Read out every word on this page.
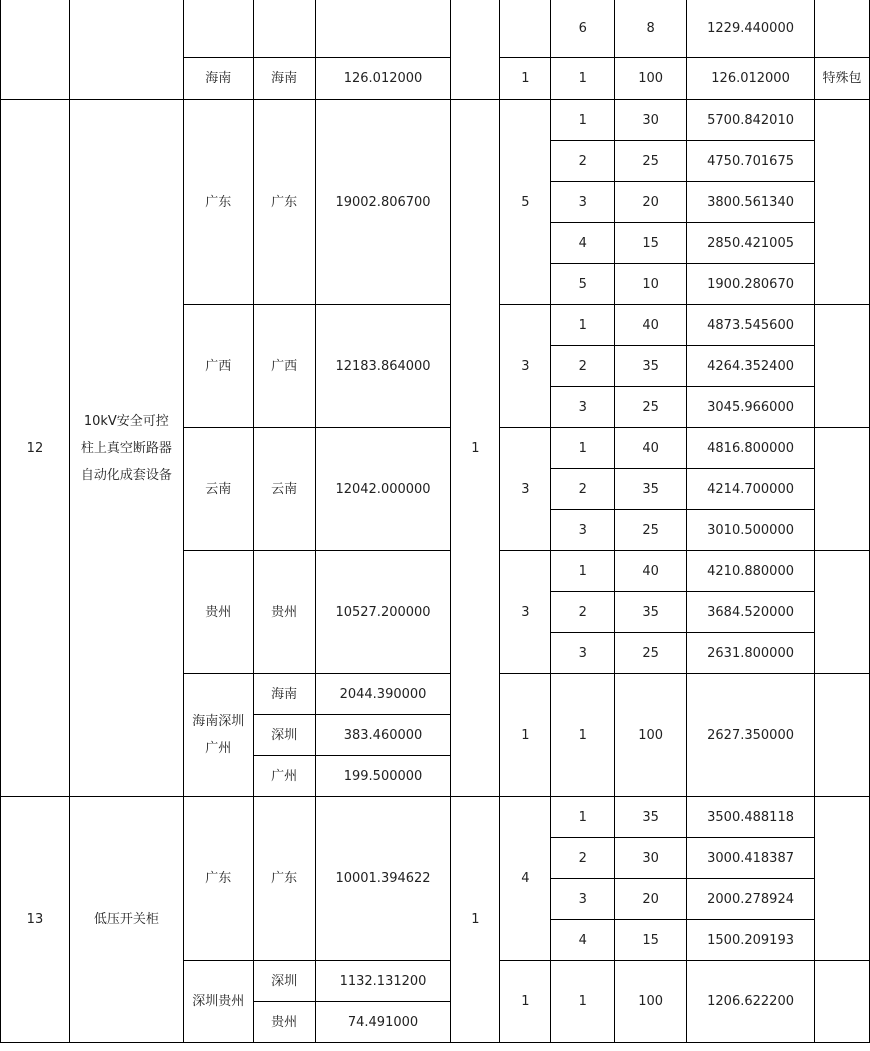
							6	8	1229.440000	
		海南	海南	126.012000		1	1	100	126.012000	特殊包
12	10kV安全可控柱上真空断路器自动化成套设备	广东	广东	19002.806700	1	5	1	30	5700.842010	
							2	25	4750.701675	
							3	20	3800.561340	
							4	15	2850.421005	
							5	10	1900.280670	
		广西	广西	12183.864000		3	1	40	4873.545600	
							2	35	4264.352400	
							3	25	3045.966000	
		云南	云南	12042.000000		3	1	40	4816.800000	
							2	35	4214.700000	
							3	25	3010.500000	
		贵州	贵州	10527.200000		3	1	40	4210.880000	
							2	35	3684.520000	
							3	25	2631.800000	
		海南深圳广州	海南	2044.390000		1	1	100	2627.350000	
			深圳	383.460000						
			广州	199.500000						
13	低压开关柜	广东	广东	10001.394622	1	4	1	35	3500.488118	
							2	30	3000.418387	
							3	20	2000.278924	
							4	15	1500.209193	
		深圳贵州	深圳	1132.131200		1	1	100	1206.622200	
			贵州	74.491000						
